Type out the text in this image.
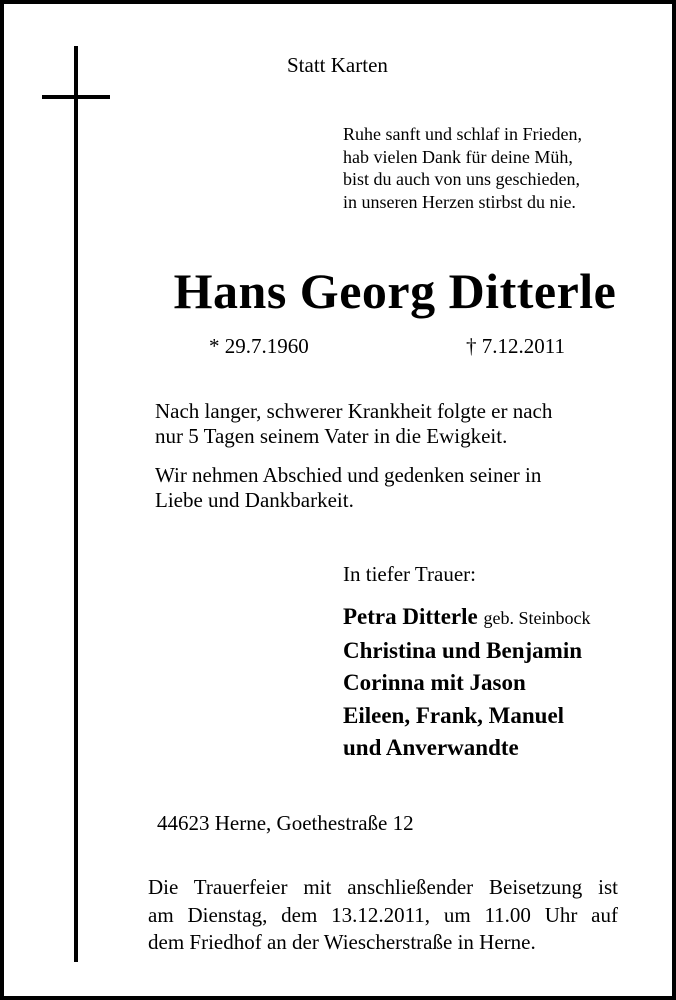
Statt Karten
Ruhe sanft und schlaf in Frieden,
hab vielen Dank für deine Müh,
bist du auch von uns geschieden,
in unseren Herzen stirbst du nie.
Hans Georg Ditterle
* 29.7.1960	† 7.12.2011
Nach langer, schwerer Krankheit folgte er nach
nur 5 Tagen seinem Vater in die Ewigkeit.
Wir nehmen Abschied und gedenken seiner in
Liebe und Dankbarkeit.
In tiefer Trauer:
Petra Ditterle geb. Steinbock
Christina und Benjamin
Corinna mit Jason
Eileen, Frank, Manuel
und Anverwandte
44623 Herne, Goethestraße 12
Die Trauerfeier mit anschließender Beisetzung ist
am Dienstag, dem 13.12.2011, um 11.00 Uhr auf
dem Friedhof an der Wiescherstraße in Herne.
